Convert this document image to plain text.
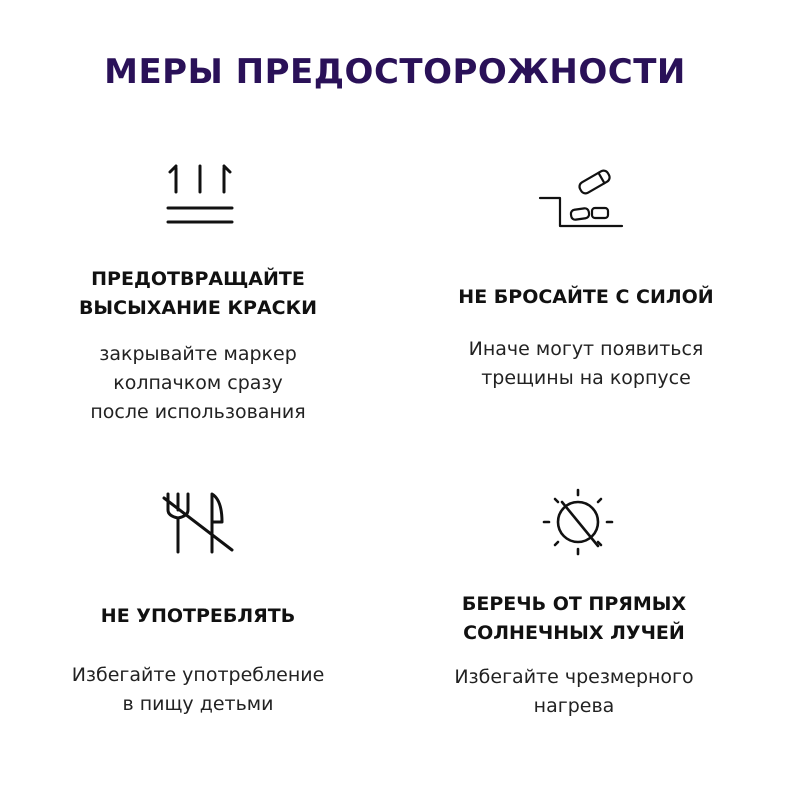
МЕРЫ ПРЕДОСТОРОЖНОСТИ
ПРЕДОТВРАЩАЙТЕ
ВЫСЫХАНИЕ КРАСКИ
закрывайте маркер
колпачком сразу
после использования
НЕ БРОСАЙТЕ С СИЛОЙ
Иначе могут появиться
трещины на корпусе
НЕ УПОТРЕБЛЯТЬ
Избегайте употребление
в пищу детьми
БЕРЕЧЬ ОТ ПРЯМЫХ
СОЛНЕЧНЫХ ЛУЧЕЙ
Избегайте чрезмерного
нагрева
